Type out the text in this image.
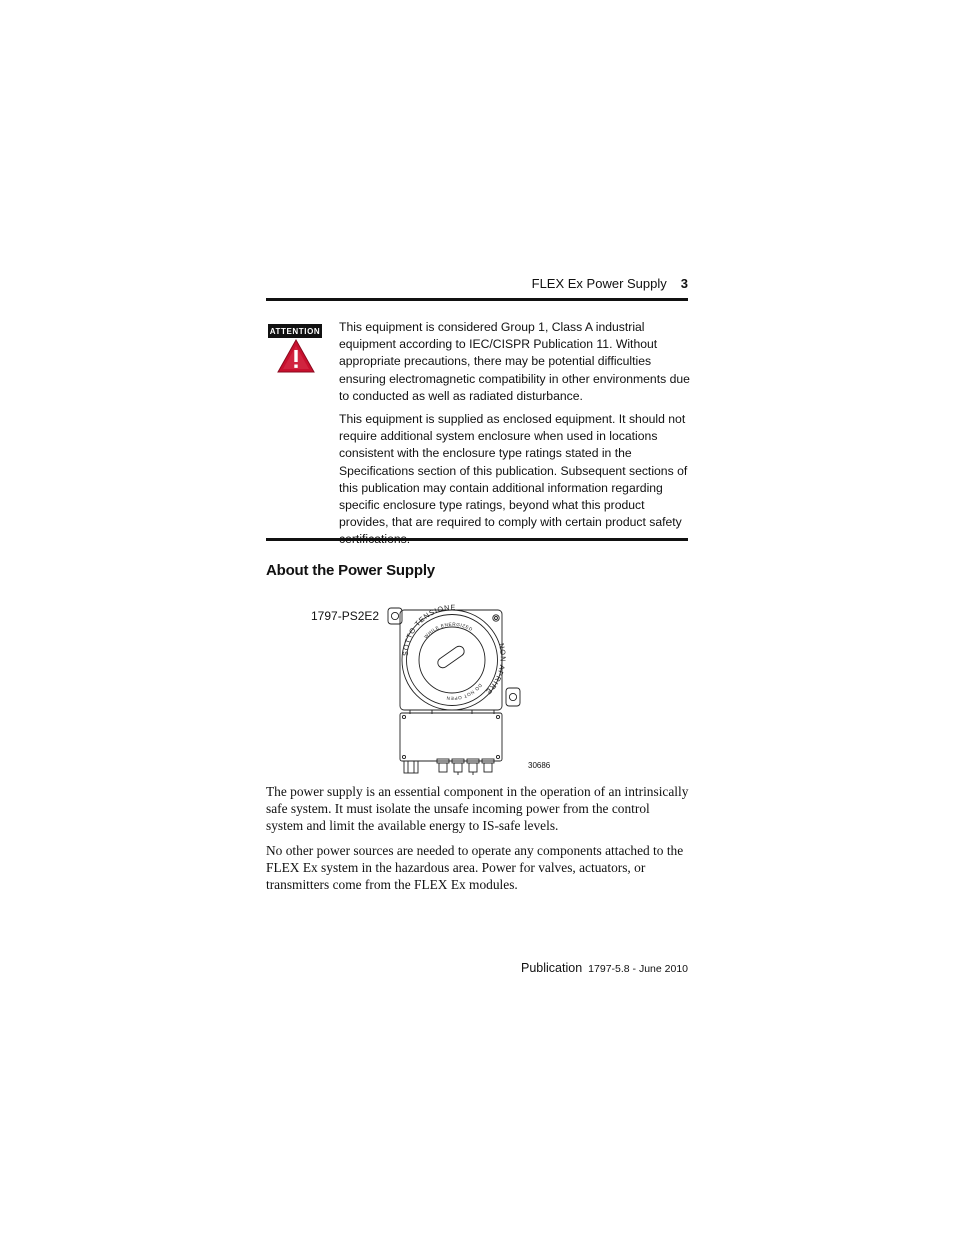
FLEX Ex Power Supply 3
ATTENTION This equipment is considered Group 1, Class A industrial equipment according to IEC/CISPR Publication 11. Without appropriate precautions, there may be potential difficulties ensuring electromagnetic compatibility in other environments due to conducted as well as radiated disturbance.

This equipment is supplied as enclosed equipment. It should not require additional system enclosure when used in locations consistent with the enclosure type ratings stated in the Specifications section of this publication. Subsequent sections of this publication may contain additional information regarding specific enclosure type ratings, beyond what this product provides, that are required to comply with certain product safety

About the Power Supply
1797-PS2E2
SOTTO TENSIONE
NON APRIRE
WHILE ENERGIZED
DO NOT OPEN
30686

The power supply is an essential component in the operation of an intrinsically safe system. It must isolate the unsafe incoming power from the control system and limit the available energy to IS-safe levels.

No other power sources are needed to operate any components attached to the FLEX Ex system in the hazardous area. Power for valves, actuators, or transmitters come from the FLEX Ex modules.

Publication 1797-5.8 - June 2010
